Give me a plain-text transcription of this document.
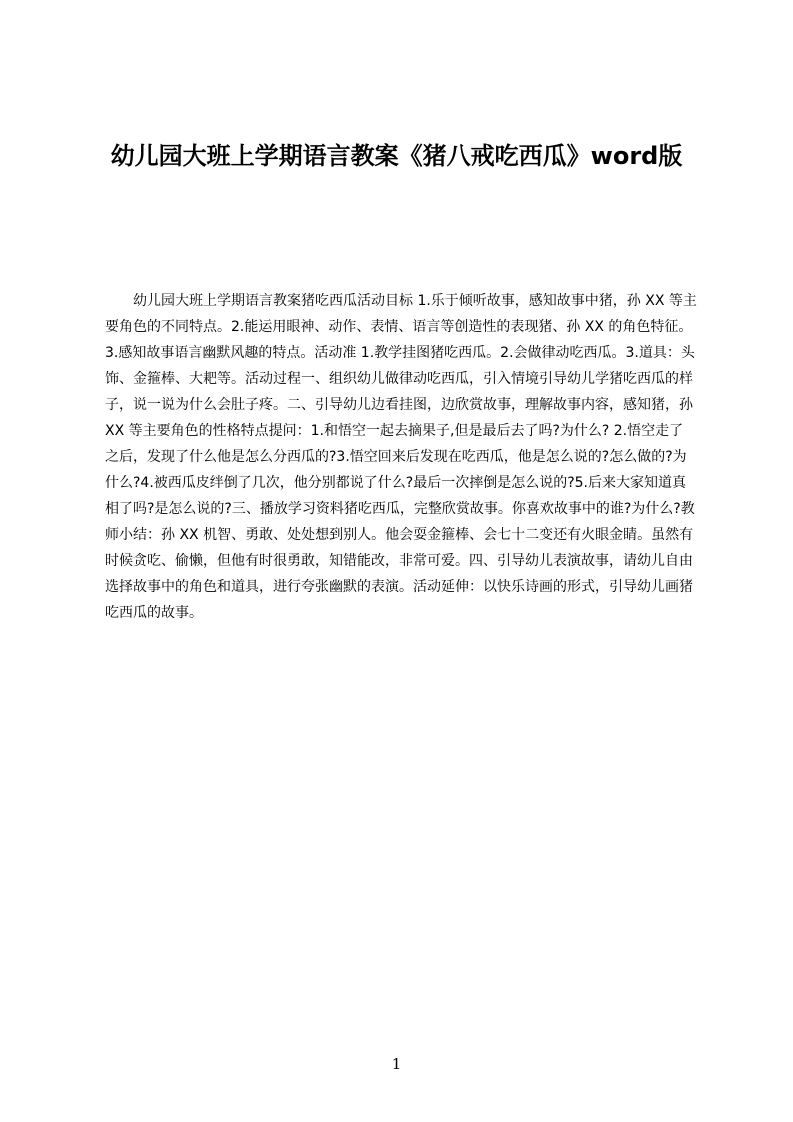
幼儿园大班上学期语言教案《猪八戒吃西瓜》word版

幼儿园大班上学期语言教案猪吃西瓜活动目标 1.乐于倾听故事，感知故事中猪，孙 XX 等主要角色的不同特点。2.能运用眼神、动作、表情、语言等创造性的表现猪、孙 XX 的角色特征。3.感知故事语言幽默风趣的特点。活动准 1.教学挂图猪吃西瓜。2.会做律动吃西瓜。3.道具：头饰、金箍棒、大耙等。活动过程一、组织幼儿做律动吃西瓜，引入情境引导幼儿学猪吃西瓜的样子，说一说为什么会肚子疼。二、引导幼儿边看挂图，边欣赏故事，理解故事内容，感知猪，孙 XX 等主要角色的性格特点提问：1.和悟空一起去摘果子,但是最后去了吗?为什么? 2.悟空走了之后，发现了什么他是怎么分西瓜的?3.悟空回来后发现在吃西瓜，他是怎么说的?怎么做的?为什么?4.被西瓜皮绊倒了几次，他分别都说了什么?最后一次摔倒是怎么说的?5.后来大家知道真相了吗?是怎么说的?三、播放学习资料猪吃西瓜，完整欣赏故事。你喜欢故事中的谁?为什么?教师小结：孙 XX 机智、勇敢、处处想到别人。他会耍金箍棒、会七十二变还有火眼金睛。虽然有时候贪吃、偷懒，但他有时很勇敢，知错能改，非常可爱。四、引导幼儿表演故事，请幼儿自由选择故事中的角色和道具，进行夸张幽默的表演。活动延伸：以快乐诗画的形式，引导幼儿画猪吃西瓜的故事。

1
